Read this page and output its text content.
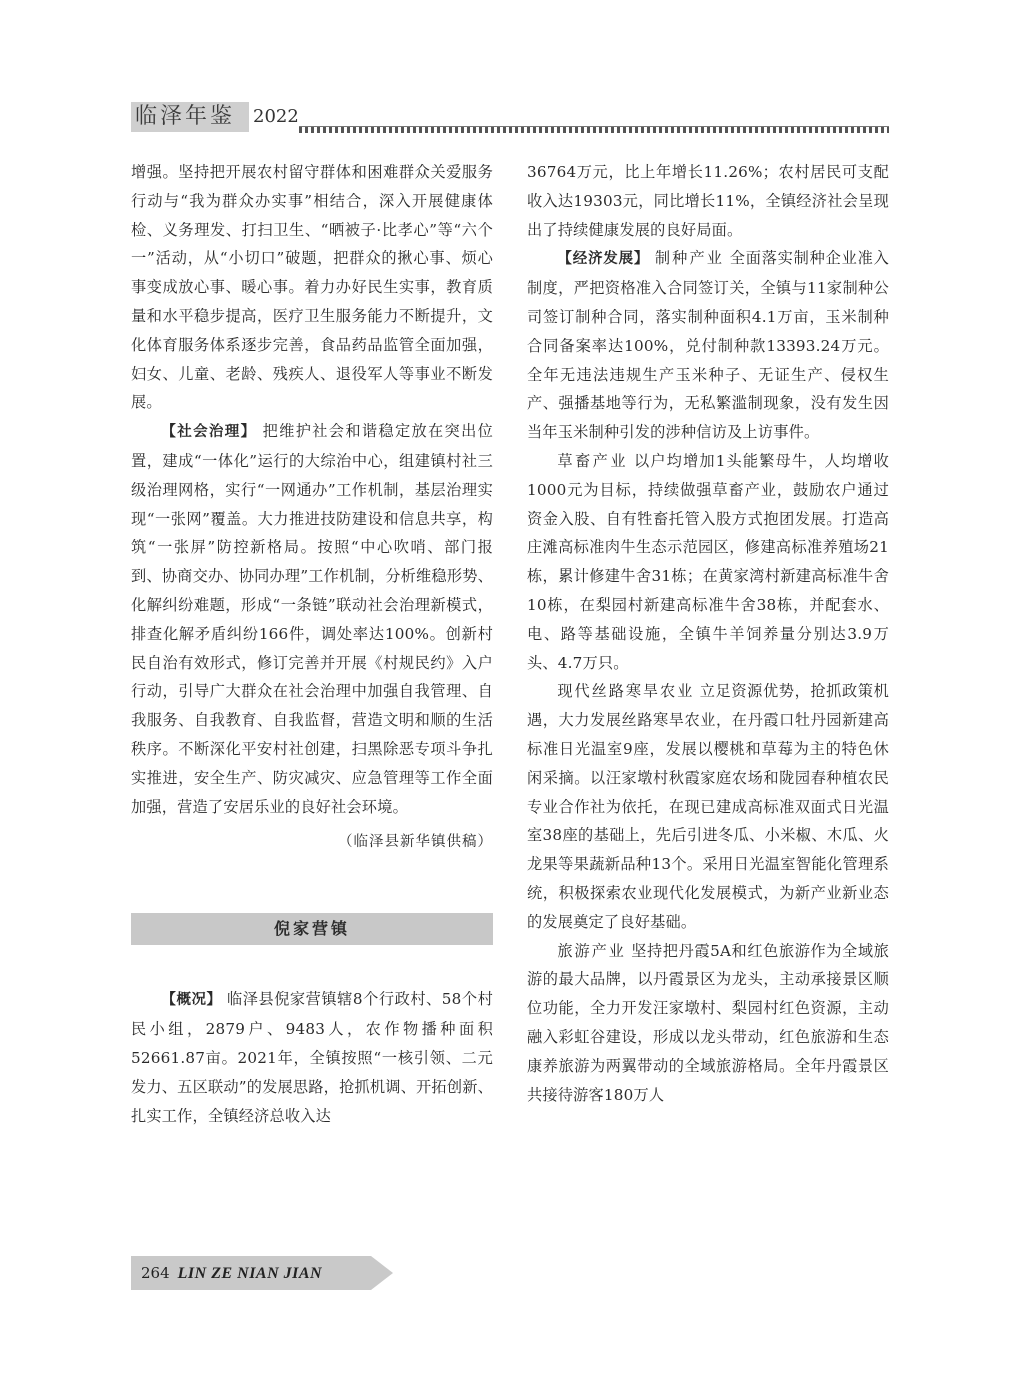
临泽年鉴 2022

增强。坚持把开展农村留守群体和困难群众关爱服务行动与“我为群众办实事”相结合，深入开展健康体检、义务理发、打扫卫生、“晒被子·比孝心”等“六个一”活动，从“小切口”破题，把群众的揪心事、烦心事变成放心事、暖心事。着力办好民生实事，教育质量和水平稳步提高，医疗卫生服务能力不断提升，文化体育服务体系逐步完善，食品药品监管全面加强，妇女、儿童、老龄、残疾人、退役军人等事业不断发展。

【社会治理】 把维护社会和谐稳定放在突出位置，建成“一体化”运行的大综治中心，组建镇村社三级治理网格，实行“一网通办”工作机制，基层治理实现“一张网”覆盖。大力推进技防建设和信息共享，构筑“一张屏”防控新格局。按照“中心吹哨、部门报到、协商交办、协同办理”工作机制，分析维稳形势、化解纠纷难题，形成“一条链”联动社会治理新模式，排查化解矛盾纠纷166件，调处率达100%。创新村民自治有效形式，修订完善并开展《村规民约》入户行动，引导广大群众在社会治理中加强自我管理、自我服务、自我教育、自我监督，营造文明和顺的生活秩序。不断深化平安村社创建，扫黑除恶专项斗争扎实推进，安全生产、防灾减灾、应急管理等工作全面加强，营造了安居乐业的良好社会环境。

（临泽县新华镇供稿）

倪家营镇

【概况】 临泽县倪家营镇辖8个行政村、58个村民小组，2879户、9483人，农作物播种面积52661.87亩。2021年，全镇按照“一核引领、二元发力、五区联动”的发展思路，抢抓机调、开拓创新、扎实工作，全镇经济总收入达

36764万元，比上年增长11.26%；农村居民可支配收入达19303元，同比增长11%，全镇经济社会呈现出了持续健康发展的良好局面。

【经济发展】 制种产业 全面落实制种企业准入制度，严把资格准入合同签订关，全镇与11家制种公司签订制种合同，落实制种面积4.1万亩，玉米制种合同备案率达100%，兑付制种款13393.24万元。全年无违法违规生产玉米种子、无证生产、侵权生产、强播基地等行为，无私繁滥制现象，没有发生因当年玉米制种引发的涉种信访及上访事件。

草畜产业 以户均增加1头能繁母牛，人均增收1000元为目标，持续做强草畜产业，鼓励农户通过资金入股、自有牲畜托管入股方式抱团发展。打造高庄滩高标准肉牛生态示范园区，修建高标准养殖场21栋，累计修建牛舍31栋；在黄家湾村新建高标准牛舍10栋，在梨园村新建高标准牛舍38栋，并配套水、电、路等基础设施，全镇牛羊饲养量分别达3.9万头、4.7万只。

现代丝路寒旱农业 立足资源优势，抢抓政策机遇，大力发展丝路寒旱农业，在丹霞口牡丹园新建高标准日光温室9座，发展以樱桃和草莓为主的特色休闲采摘。以汪家墩村秋霞家庭农场和陇园春种植农民专业合作社为依托，在现已建成高标准双面式日光温室38座的基础上，先后引进冬瓜、小米椒、木瓜、火龙果等果蔬新品种13个。采用日光温室智能化管理系统，积极探索农业现代化发展模式，为新产业新业态的发展奠定了良好基础。

旅游产业 坚持把丹霞5A和红色旅游作为全域旅游的最大品牌，以丹霞景区为龙头，主动承接景区顺位功能，全力开发汪家墩村、梨园村红色资源，主动融入彩虹谷建设，形成以龙头带动，红色旅游和生态康养旅游为两翼带动的全域旅游格局。全年丹霞景区共接待游客180万人

264 LIN ZE NIAN JIAN
